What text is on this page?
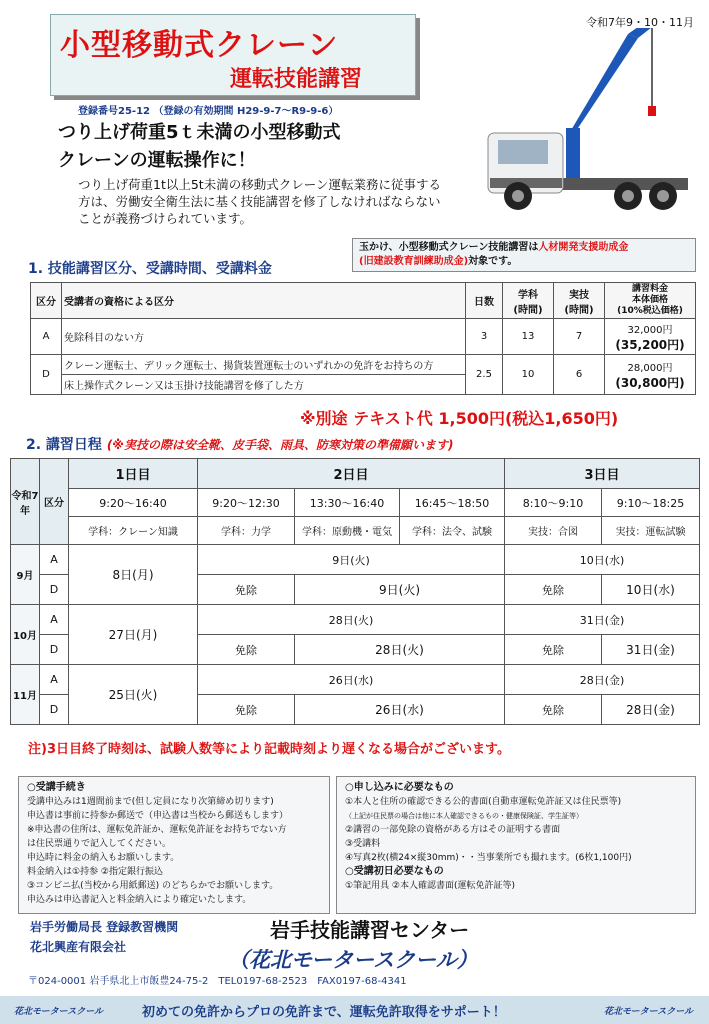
小型移動式クレーン
運転技能講習
令和7年9・10・11月
登録番号25-12 （登録の有効期間 H29-9-7～R9-9-6）
つり上げ荷重5ｔ未満の小型移動式
クレーンの運転操作に！
つり上げ荷重1t以上5t未満の移動式クレーン運転業務に従事する方は、労働安全衛生法に基く技能講習を修了しなければならないことが義務づけられています。
玉かけ、小型移動式クレーン技能講習は人材開発支援助成金
(旧建設教育訓練助成金)対象です。
1. 技能講習区分、受講時間、受講料金
区分	受講者の資格による区分	日数	学科
(時間)	実技
(時間)	講習料金
本体価格
(10%税込価格)
A	免除科目のない方	3	13	7	32,000円
(35,200円)

D	クレーン運転士、デリック運転士、揚貨装置運転士のいずれかの免許をお持ちの方	2.5	10	6	28,000円
(30,800円)

	床上操作式クレーン又は玉掛け技能講習を修了した方				
※別途 テキスト代 1,500円(税込1,650円)
2. 講習日程 (※実技の際は安全靴、皮手袋、雨具、防寒対策の準備願います)
令和7年	区分	1日目	2日目			3日目	
		9:20～16:40	9:20～12:30	13:30～16:40	16:45～18:50	8:10～9:10	9:10～18:25
		学科：クレーン知識	学科：力学	学科：原動機・電気	学科：法令、試験	実技：合図	実技：運転試験
9月	A	8日(月)	9日(火)			10日(水)	
	D		免除	9日(火)		免除	10日(水)
10月	A	27日(月)	28日(火)			31日(金)	
	D		免除	28日(火)		免除	31日(金)
11月	A	25日(火)	26日(水)			28日(金)	
	D		免除	26日(水)		免除	28日(金)
注)3日目終了時刻は、試験人数等により記載時刻より遅くなる場合がございます。
○受講手続き
受講申込みは1週間前まで(但し定員になり次第締め切ります)
申込書は事前に持参か郵送で（申込書は当校から郵送もします）
※申込書の住所は、運転免許証か、運転免許証をお持ちでない方
は住民票通りで記入してください。
申込時に料金の納入もお願いします。
料金納入は①持参 ②指定銀行振込
③コンビニ払(当校から用紙郵送) のどちらかでお願いします。
申込みは申込書記入と料金納入により確定いたします。
○申し込みに必要なもの
①本人と住所の確認できる公的書面(自動車運転免許証又は住民票等)
（上記が住民票の場合は他に本人確認できるもの・健康保険証、学生証等）
②講習の一部免除の資格がある方はその証明する書面
③受講料
④写真2枚(横24×縦30mm)・・当事業所でも撮れます。(6枚1,100円)
○受講初日必要なもの
①筆記用具 ②本人確認書面(運転免許証等)
岩手労働局長 登録教習機関
花北興産有限会社
岩手技能講習センター
（花北モータースクール）
〒024-0001 岩手県北上市飯豊24-75-2　TEL0197-68-2523　FAX0197-68-4341
花北モータースクール	初めての免許からプロの免許まで、運転免許取得をサポート！	花北モータースクール
